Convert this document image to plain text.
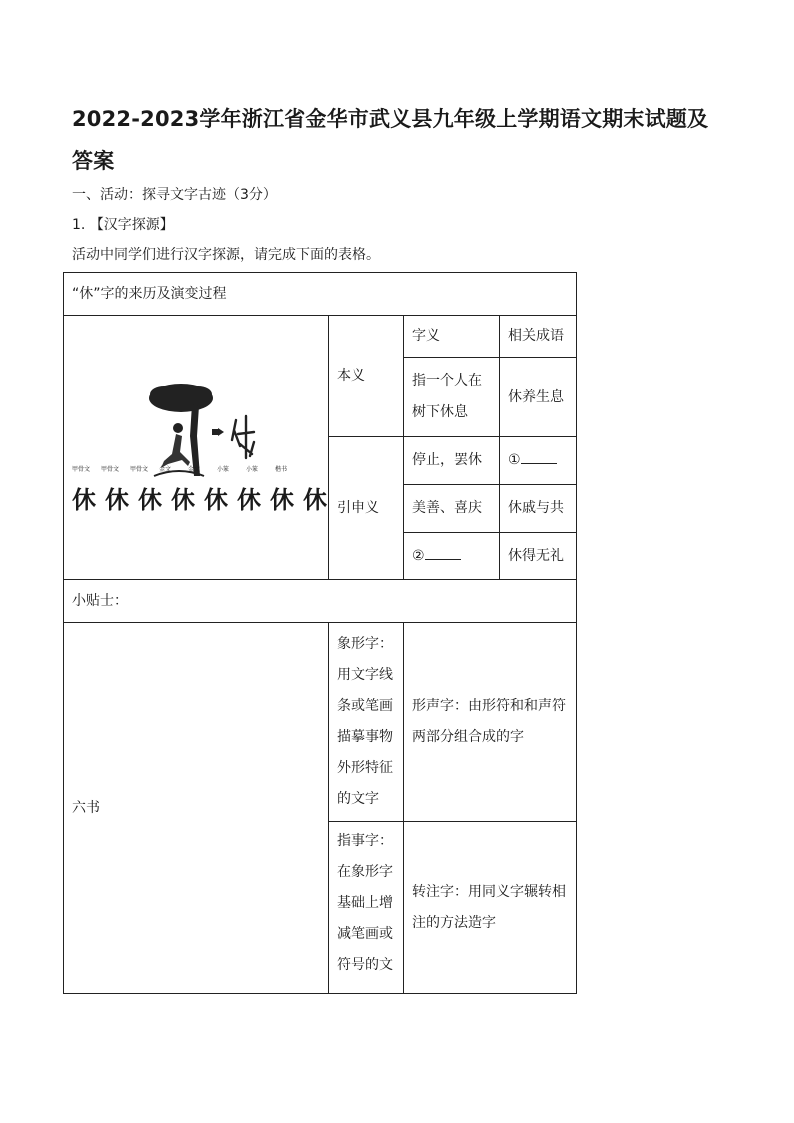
2022-2023学年浙江省金华市武义县九年级上学期语文期末试题及答案
一、活动：探寻文字古迹（3分）
1. 【汉字探源】
活动中同学们进行汉字探源，请完成下面的表格。
“休”字的来历及演变过程			

甲骨文 甲骨文 甲骨文 金文 金文 小篆 小篆 楷书
休休休休休休休休	本义	字义	相关成语
		指一个人在树下休息	休养生息
	引申义	停止，罢休	①
		美善、喜庆	休戚与共
		②	休得无礼
小贴士：			
六书	象形字：用文字线条或笔画描摹事物外形特征的文字	形声字：由形符和和声符两部分组合成的字	
	指事字：在象形字基础上增减笔画或符号的文	转注字：用同义字辗转相注的方法造字	
